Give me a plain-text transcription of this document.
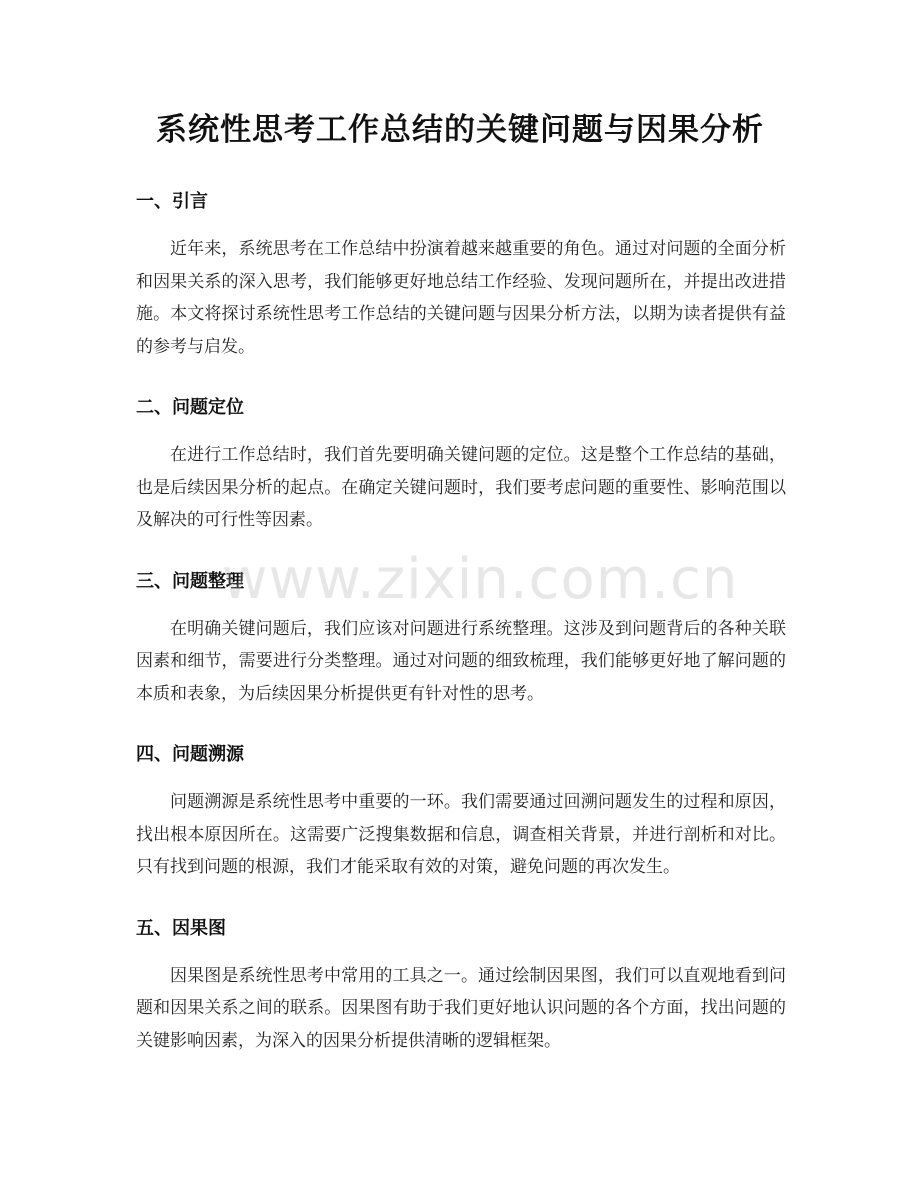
系统性思考工作总结的关键问题与因果分析
一、引言

近年来，系统思考在工作总结中扮演着越来越重要的角色。通过对问题的全面分析和因果关系的深入思考，我们能够更好地总结工作经验、发现问题所在，并提出改进措施。本文将探讨系统性思考工作总结的关键问题与因果分析方法，以期为读者提供有益的参考与启发。

二、问题定位

在进行工作总结时，我们首先要明确关键问题的定位。这是整个工作总结的基础，也是后续因果分析的起点。在确定关键问题时，我们要考虑问题的重要性、影响范围以及解决的可行性等因素。

三、问题整理

在明确关键问题后，我们应该对问题进行系统整理。这涉及到问题背后的各种关联因素和细节，需要进行分类整理。通过对问题的细致梳理，我们能够更好地了解问题的本质和表象，为后续因果分析提供更有针对性的思考。

四、问题溯源

问题溯源是系统性思考中重要的一环。我们需要通过回溯问题发生的过程和原因，找出根本原因所在。这需要广泛搜集数据和信息，调查相关背景，并进行剖析和对比。只有找到问题的根源，我们才能采取有效的对策，避免问题的再次发生。

五、因果图

因果图是系统性思考中常用的工具之一。通过绘制因果图，我们可以直观地看到问题和因果关系之间的联系。因果图有助于我们更好地认识问题的各个方面，找出问题的关键影响因素，为深入的因果分析提供清晰的逻辑框架。

www.zixin.com.cn
